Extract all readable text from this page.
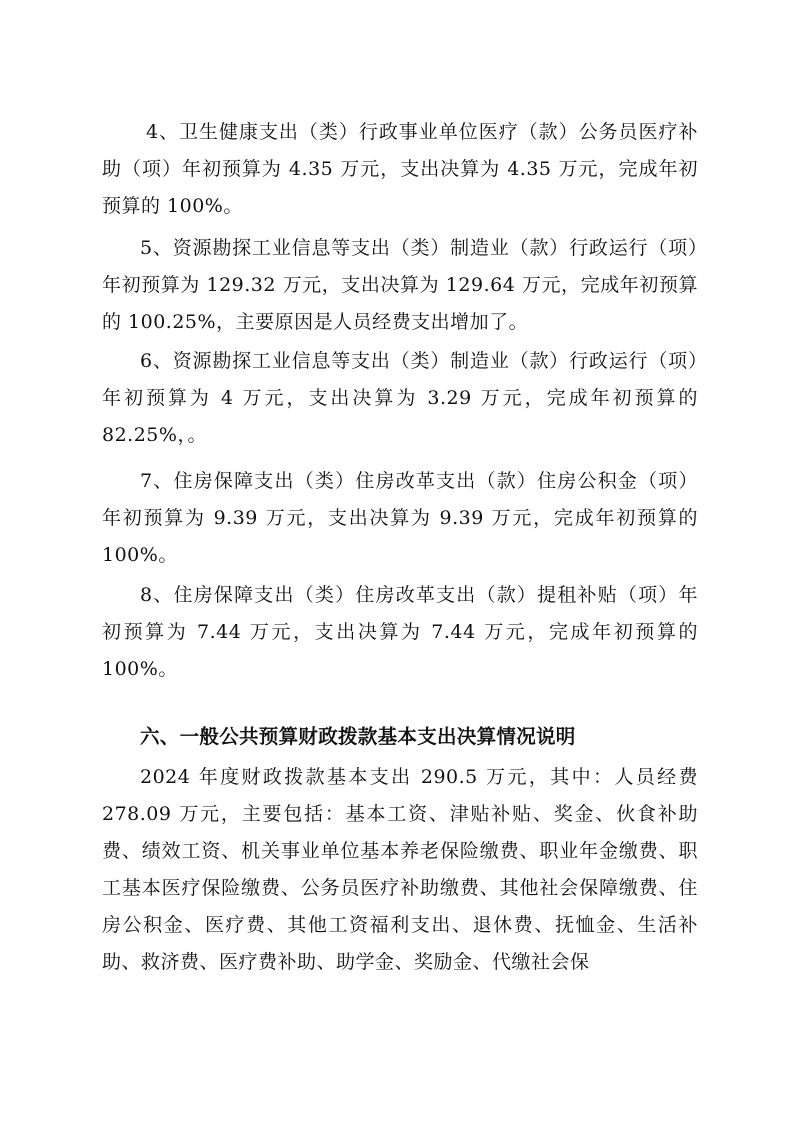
4、卫生健康支出（类）行政事业单位医疗（款）公务员医疗补助（项）年初预算为 4.35 万元，支出决算为 4.35 万元，完成年初预算的 100%。

5、资源勘探工业信息等支出（类）制造业（款）行政运行（项）年初预算为 129.32 万元，支出决算为 129.64 万元，完成年初预算的 100.25%，主要原因是人员经费支出增加了。

6、资源勘探工业信息等支出（类）制造业（款）行政运行（项）年初预算为 4 万元，支出决算为 3.29 万元，完成年初预算的 82.25%，。

7、住房保障支出（类）住房改革支出（款）住房公积金（项）年初预算为 9.39 万元，支出决算为 9.39 万元，完成年初预算的 100%。

8、住房保障支出（类）住房改革支出（款）提租补贴（项）年初预算为 7.44 万元，支出决算为 7.44 万元，完成年初预算的 100%。

六、一般公共预算财政拨款基本支出决算情况说明

2024 年度财政拨款基本支出 290.5 万元，其中：人员经费 278.09 万元，主要包括：基本工资、津贴补贴、奖金、伙食补助费、绩效工资、机关事业单位基本养老保险缴费、职业年金缴费、职工基本医疗保险缴费、公务员医疗补助缴费、其他社会保障缴费、住房公积金、医疗费、其他工资福利支出、退休费、抚恤金、生活补助、救济费、医疗费补助、助学金、奖励金、代缴社会保
